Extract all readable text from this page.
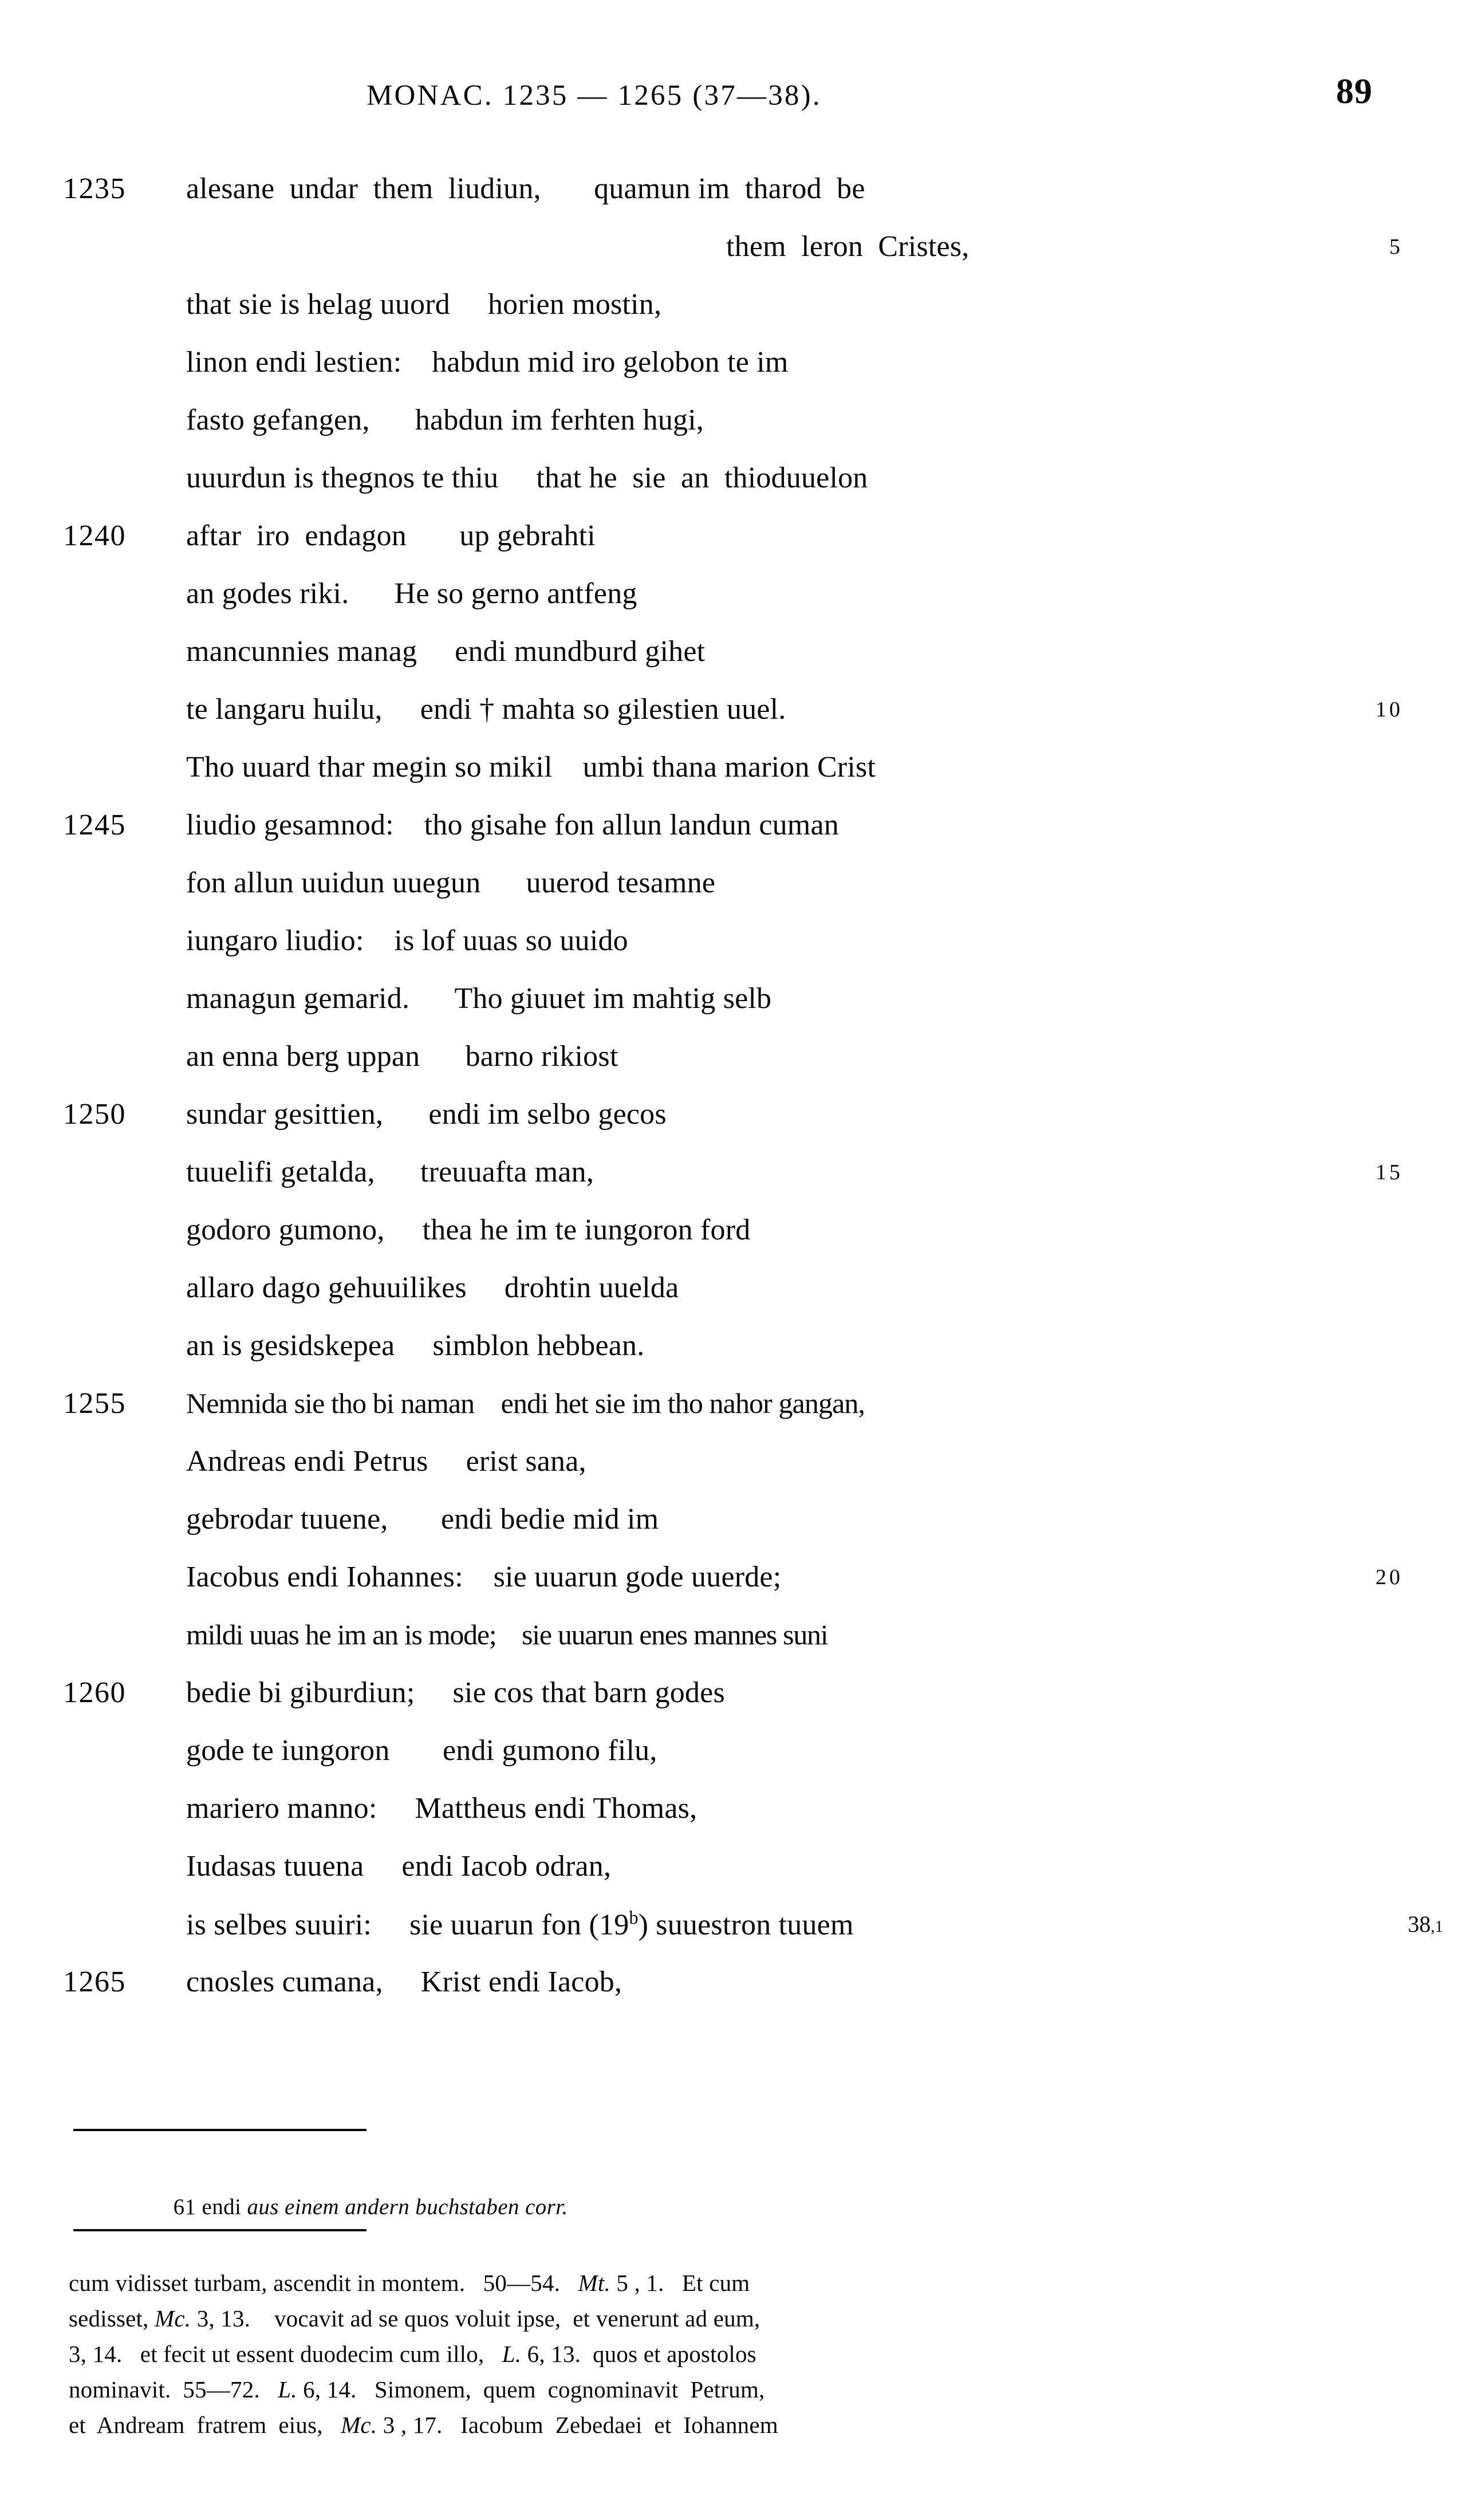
MONAC. 1235 — 1265 (37—38).	89
1235 alesane  undar  them  liudiun,       quamun im  tharod  be
them  leron  Cristes,	5
that sie is helag uuord     horien mostin,
linon endi lestien:    habdun mid iro gelobon te im
fasto gefangen,      habdun im ferhten hugi,
uuurdun is thegnos te thiu     that he  sie  an  thioduuelon
1240 aftar  iro  endagon       up gebrahti
an godes riki.      He so gerno antfeng
mancunnies manag     endi mundburd gihet
te langaru huilu,     endi † mahta so gilestien uuel.	10
Tho uuard thar megin so mikil    umbi thana marion Crist
1245 liudio gesamnod:    tho gisahe fon allun landun cuman
fon allun uuidun uuegun      uuerod tesamne
iungaro liudio:    is lof uuas so uuido
managun gemarid.      Tho giuuet im mahtig selb
an enna berg uppan      barno rikiost
1250 sundar gesittien,      endi im selbo gecos
tuuelifi getalda,      treuuafta man,	15
godoro gumono,     thea he im te iungoron ford
allaro dago gehuuilikes     drohtin uuelda
an is gesidskepea     simblon hebbean.
1255 Nemnida sie tho bi naman    endi het sie im tho nahor gangan,
Andreas endi Petrus     erist sana,
gebrodar tuuene,       endi bedie mid im
Iacobus endi Iohannes:    sie uuarun gode uuerde;	20
mildi uuas he im an is mode;    sie uuarun enes mannes suni
1260 bedie bi giburdiun;     sie cos that barn godes
gode te iungoron       endi gumono filu,
mariero manno:     Mattheus endi Thomas,
Iudasas tuuena     endi Iacob odran,
is selbes suuiri:     sie uuarun fon (19$^b$) suuestron tuuem	38,1
1265 cnosles cumana,     Krist endi Iacob,

61 endi aus einem andern buchstaben corr.

cum vidisset turbam, ascendit in montem.   50—54.   Mt. 5 , 1.   Et cum
sedisset, Mc. 3, 13.    vocavit ad se quos voluit ipse,  et venerunt ad eum,
3, 14.   et fecit ut essent duodecim cum illo,   L. 6, 13.  quos et apostolos
nominavit.  55—72.   L. 6, 14.   Simonem,  quem  cognominavit  Petrum,
et  Andream  fratrem  eius,   Mc. 3 , 17.   Iacobum  Zebedaei  et  Iohannem
